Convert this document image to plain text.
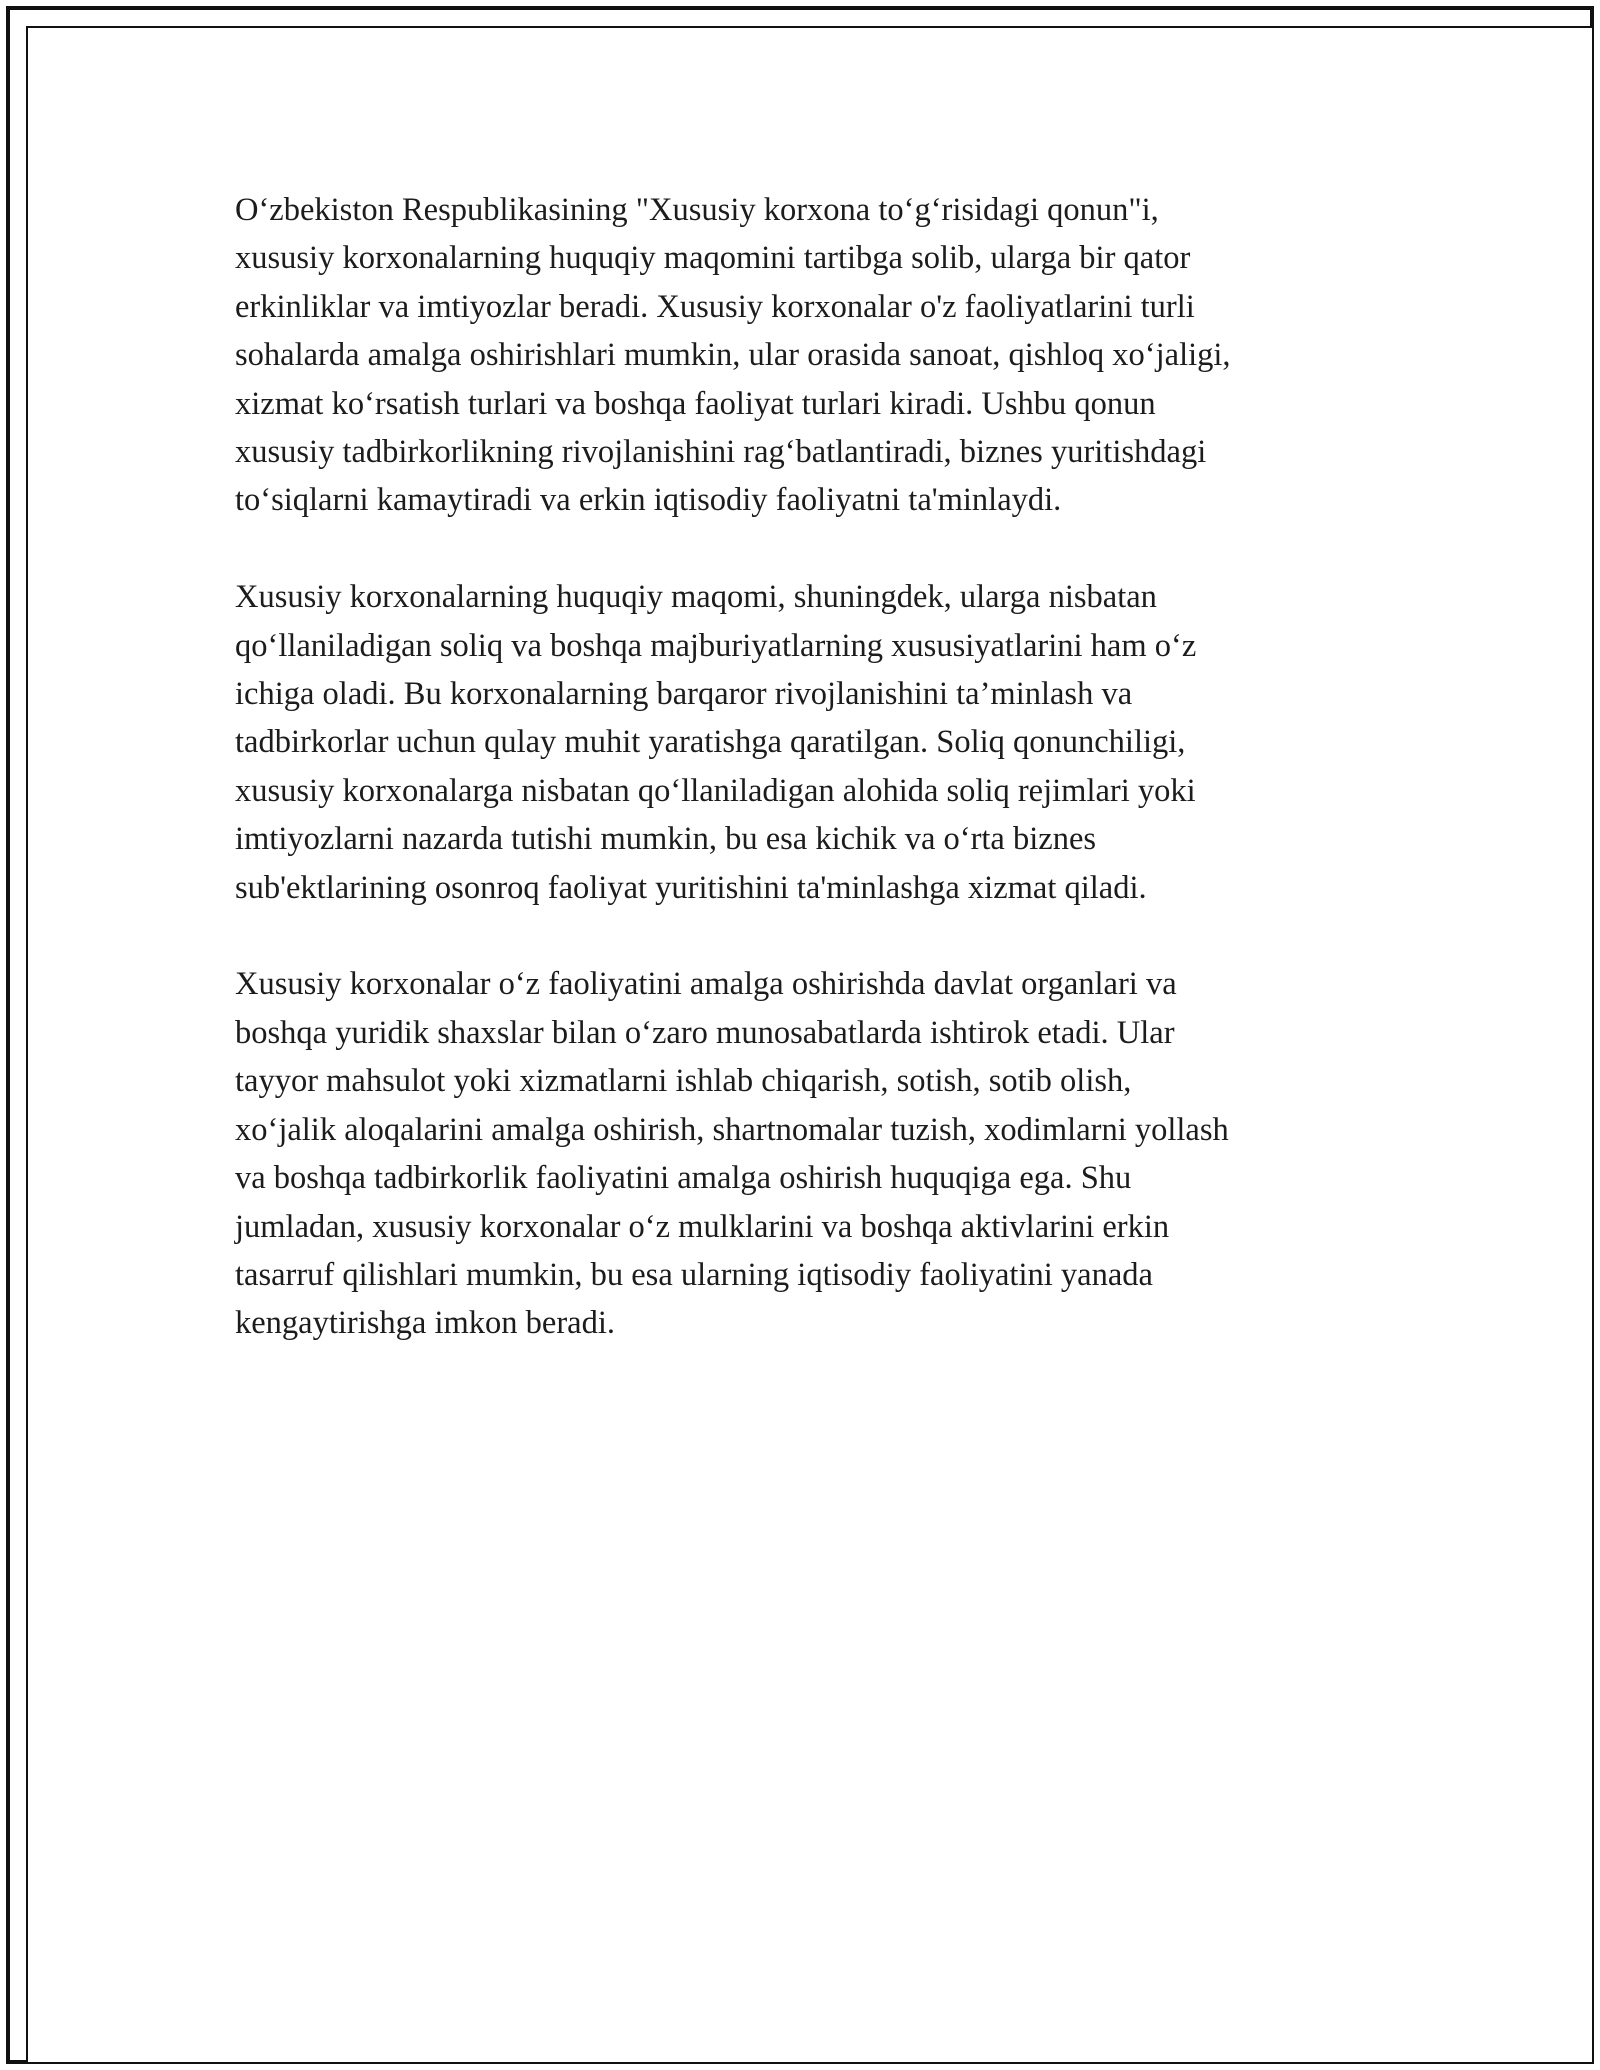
O‘zbekiston Respublikasining "Xususiy korxona to‘g‘risidagi qonun"i,
xususiy korxonalarning huquqiy maqomini tartibga solib, ularga bir qator
erkinliklar va imtiyozlar beradi. Xususiy korxonalar o'z faoliyatlarini turli
sohalarda amalga oshirishlari mumkin, ular orasida sanoat, qishloq xo‘jaligi,
xizmat ko‘rsatish turlari va boshqa faoliyat turlari kiradi. Ushbu qonun
xususiy tadbirkorlikning rivojlanishini rag‘batlantiradi, biznes yuritishdagi
to‘siqlarni kamaytiradi va erkin iqtisodiy faoliyatni ta'minlaydi.

Xususiy korxonalarning huquqiy maqomi, shuningdek, ularga nisbatan
qo‘llaniladigan soliq va boshqa majburiyatlarning xususiyatlarini ham o‘z
ichiga oladi. Bu korxonalarning barqaror rivojlanishini ta’minlash va
tadbirkorlar uchun qulay muhit yaratishga qaratilgan. Soliq qonunchiligi,
xususiy korxonalarga nisbatan qo‘llaniladigan alohida soliq rejimlari yoki
imtiyozlarni nazarda tutishi mumkin, bu esa kichik va o‘rta biznes
sub'ektlarining osonroq faoliyat yuritishini ta'minlashga xizmat qiladi.

Xususiy korxonalar o‘z faoliyatini amalga oshirishda davlat organlari va
boshqa yuridik shaxslar bilan o‘zaro munosabatlarda ishtirok etadi. Ular
tayyor mahsulot yoki xizmatlarni ishlab chiqarish, sotish, sotib olish,
xo‘jalik aloqalarini amalga oshirish, shartnomalar tuzish, xodimlarni yollash
va boshqa tadbirkorlik faoliyatini amalga oshirish huquqiga ega. Shu
jumladan, xususiy korxonalar o‘z mulklarini va boshqa aktivlarini erkin
tasarruf qilishlari mumkin, bu esa ularning iqtisodiy faoliyatini yanada
kengaytirishga imkon beradi.
